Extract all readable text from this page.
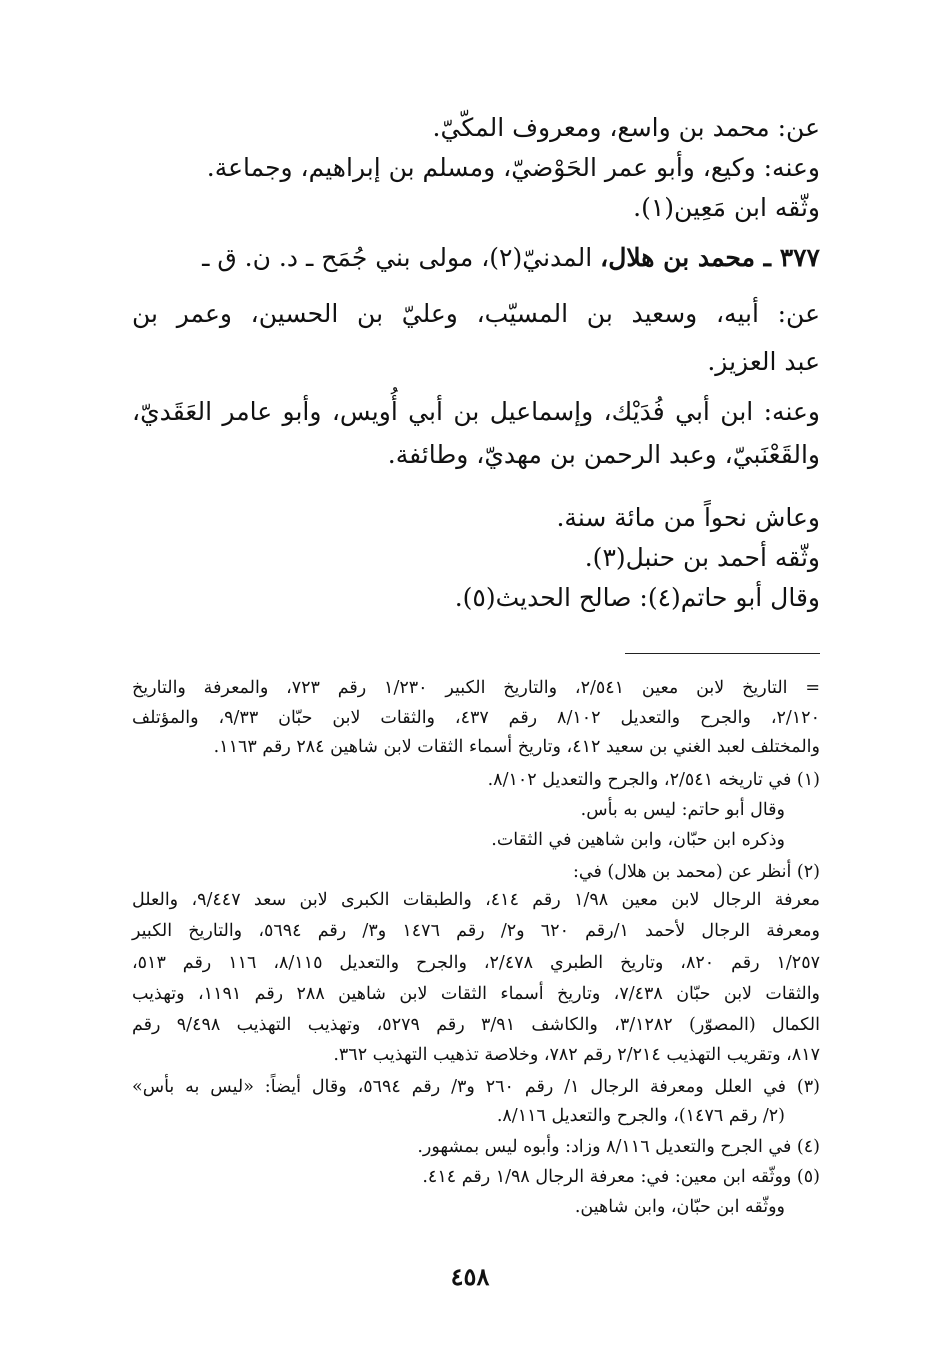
عن: محمد بن واسع، ومعروف المكّيّ.
وعنه: وكيع، وأبو عمر الحَوْضيّ، ومسلم بن إبراهيم، وجماعة.
وثّقه ابن مَعِين(١).
٣٧٧ ـ محمد بن هلال، المدنيّ(٢)، مولى بني جُمَح ـ د. ن. ق ـ
عن: أبيه، وسعيد بن المسيّب، وعليّ بن الحسين، وعمر بن
عبد العزيز.
وعنه: ابن أبي فُدَيْك، وإسماعيل بن أبي أُويس، وأبو عامر العَقَديّ،
والقَعْنَبيّ، وعبد الرحمن بن مهديّ، وطائفة.
وعاش نحواً من مائة سنة.
وثّقه أحمد بن حنبل(٣).
وقال أبو حاتم(٤): صالح الحديث(٥).
= التاريخ لابن معين ٢/٥٤١، والتاريخ الكبير ١/٢٣٠ رقم ٧٢٣، والمعرفة والتاريخ
٢/١٢٠، والجرح والتعديل ٨/١٠٢ رقم ٤٣٧، والثقات لابن حبّان ٩/٣٣، والمؤتلف
والمختلف لعبد الغني بن سعيد ٤١٢، وتاريخ أسماء الثقات لابن شاهين ٢٨٤ رقم ١١٦٣.
(١) في تاريخه ٢/٥٤١، والجرح والتعديل ٨/١٠٢.
وقال أبو حاتم: ليس به بأس.
وذكره ابن حبّان، وابن شاهين في الثقات.
(٢) أنظر عن (محمد بن هلال) في:
معرفة الرجال لابن معين ١/٩٨ رقم ٤١٤، والطبقات الكبرى لابن سعد ٩/٤٤٧، والعلل
ومعرفة الرجال لأحمد ١/رقم ٦٢٠ و٢/ رقم ١٤٧٦ و٣/ رقم ٥٦٩٤، والتاريخ الكبير
١/٢٥٧ رقم ٨٢٠، وتاريخ الطبري ٢/٤٧٨، والجرح والتعديل ٨/١١٥، ١١٦ رقم ٥١٣،
والثقات لابن حبّان ٧/٤٣٨، وتاريخ أسماء الثقات لابن شاهين ٢٨٨ رقم ١١٩١، وتهذيب
الكمال (المصوّر) ٣/١٢٨٢، والكاشف ٣/٩١ رقم ٥٢٧٩، وتهذيب التهذيب ٩/٤٩٨ رقم
٨١٧، وتقريب التهذيب ٢/٢١٤ رقم ٧٨٢، وخلاصة تذهيب التهذيب ٣٦٢.
(٣) في العلل ومعرفة الرجال ١/ رقم ٢٦٠ و٣/ رقم ٥٦٩٤، وقال أيضاً: «ليس به بأس»
(٢/ رقم ١٤٧٦)، والجرح والتعديل ٨/١١٦.
(٤) في الجرح والتعديل ٨/١١٦ وزاد: وأبوه ليس بمشهور.
(٥) ووثّقه ابن معين: في: معرفة الرجال ١/٩٨ رقم ٤١٤.
ووثّقه ابن حبّان، وابن شاهين.
٤٥٨
